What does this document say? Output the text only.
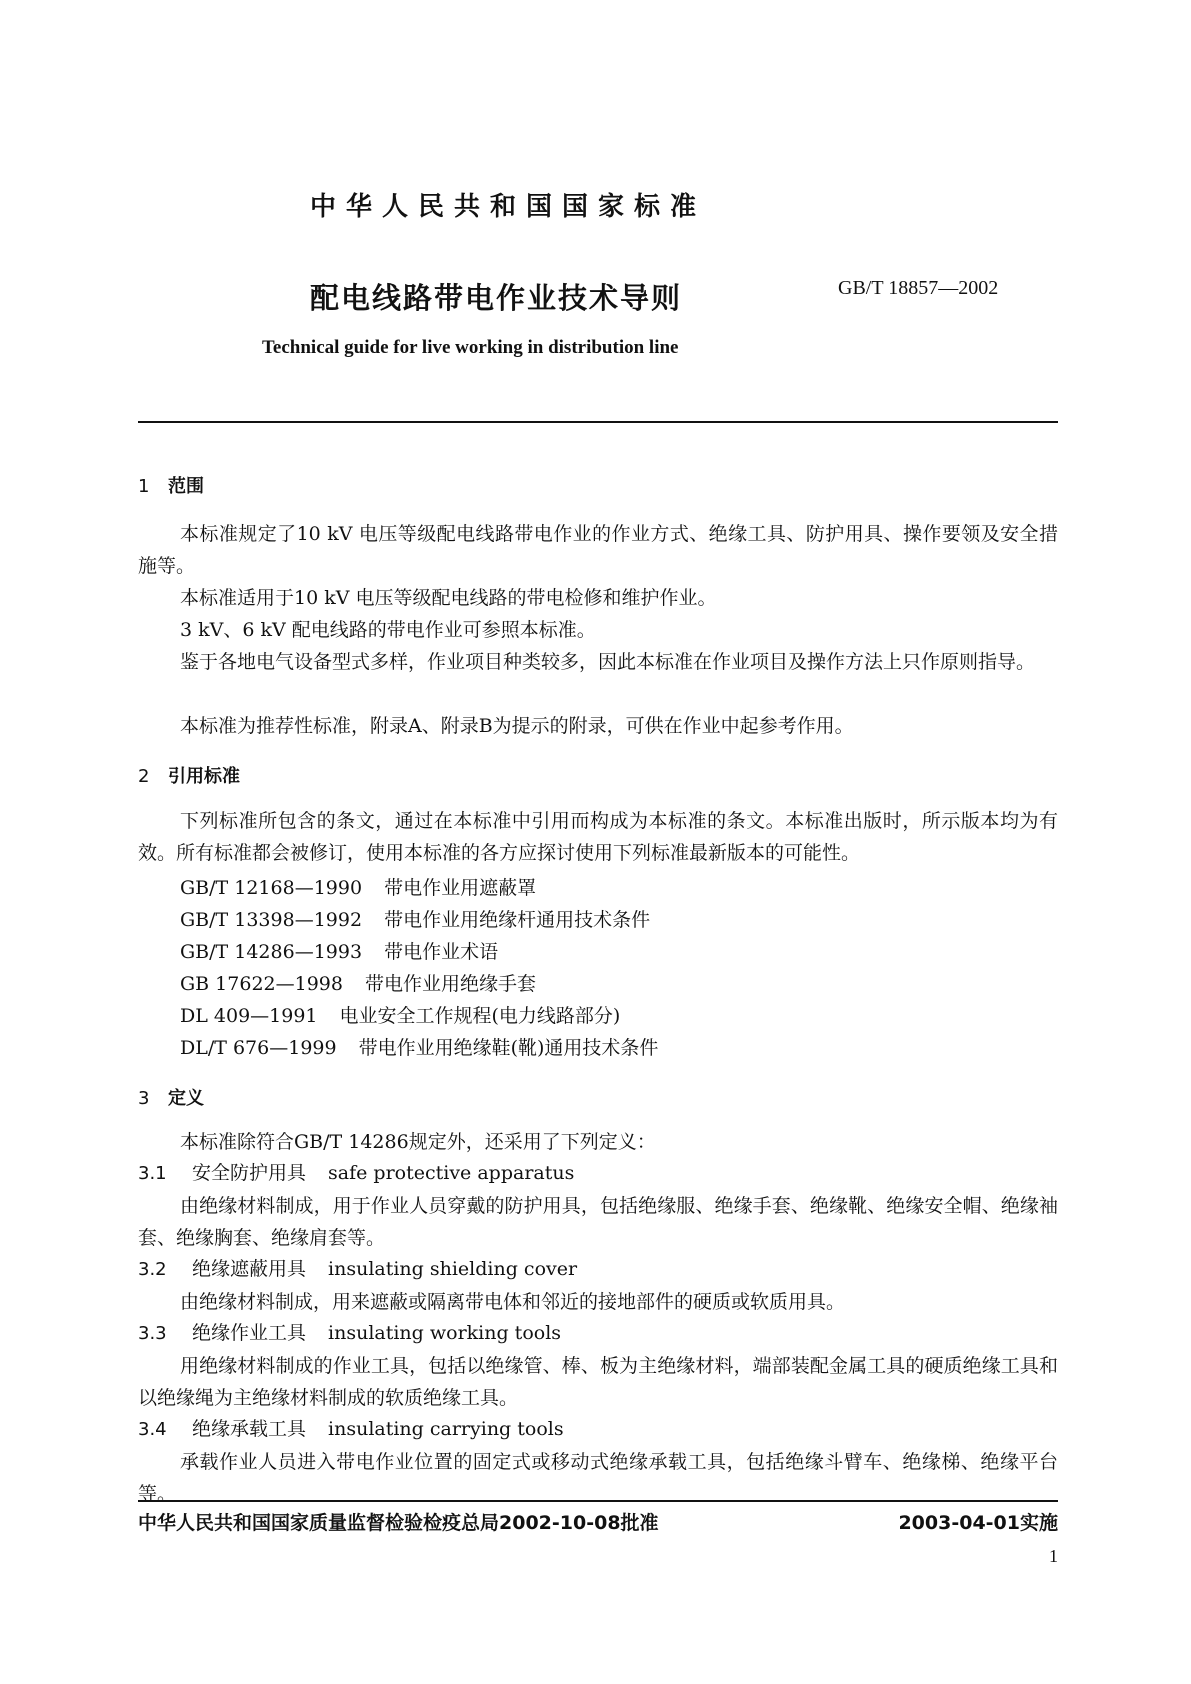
中华人民共和国国家标准
配电线路带电作业技术导则	GB/T 18857—2002
Technical guide for live working in distribution line
1 范围
本标准规定了10 kV 电压等级配电线路带电作业的作业方式、绝缘工具、防护用具、操作要领及安全措施等。
本标准适用于10 kV 电压等级配电线路的带电检修和维护作业。
3 kV、6 kV 配电线路的带电作业可参照本标准。
鉴于各地电气设备型式多样，作业项目种类较多，因此本标准在作业项目及操作方法上只作原则指导。
本标准为推荐性标准，附录A、附录B为提示的附录，可供在作业中起参考作用。
2 引用标准
下列标准所包含的条文，通过在本标准中引用而构成为本标准的条文。本标准出版时，所示版本均为有效。所有标准都会被修订，使用本标准的各方应探讨使用下列标准最新版本的可能性。
GB/T 12168—1990 带电作业用遮蔽罩
GB/T 13398—1992 带电作业用绝缘杆通用技术条件
GB/T 14286—1993 带电作业术语
GB 17622—1998 带电作业用绝缘手套
DL 409—1991 电业安全工作规程(电力线路部分)
DL/T 676—1999 带电作业用绝缘鞋(靴)通用技术条件
3 定义
本标准除符合GB/T 14286规定外，还采用了下列定义：
3.1 安全防护用具 safe protective apparatus
由绝缘材料制成，用于作业人员穿戴的防护用具，包括绝缘服、绝缘手套、绝缘靴、绝缘安全帽、绝缘袖套、绝缘胸套、绝缘肩套等。
3.2 绝缘遮蔽用具 insulating shielding cover
由绝缘材料制成，用来遮蔽或隔离带电体和邻近的接地部件的硬质或软质用具。
3.3 绝缘作业工具 insulating working tools
用绝缘材料制成的作业工具，包括以绝缘管、棒、板为主绝缘材料，端部装配金属工具的硬质绝缘工具和以绝缘绳为主绝缘材料制成的软质绝缘工具。
3.4 绝缘承载工具 insulating carrying tools
承载作业人员进入带电作业位置的固定式或移动式绝缘承载工具，包括绝缘斗臂车、绝缘梯、绝缘平台等。
中华人民共和国国家质量监督检验检疫总局2002-10-08批准	2003-04-01实施
1
